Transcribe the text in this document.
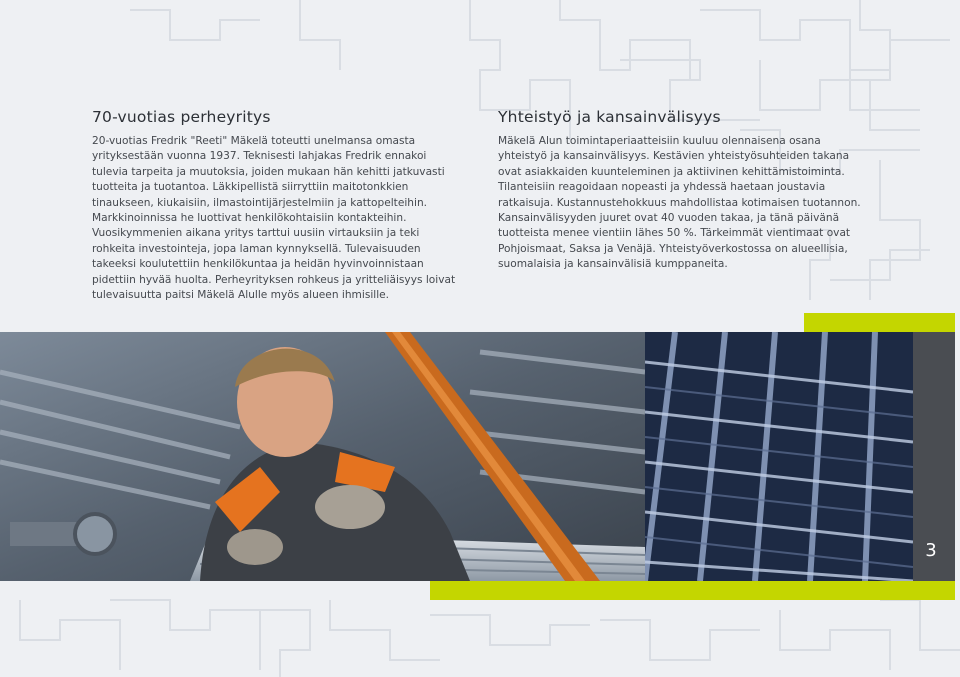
70-vuotias perheyritys

20-vuotias Fredrik "Reeti" Mäkelä toteutti unelmansa omasta yrityksestään vuonna 1937. Teknisesti lahjakas Fredrik ennakoi tulevia tarpeita ja muutoksia, joiden mukaan hän kehitti jatkuvasti tuotteita ja tuotantoa. Läkkipellistä siirryttiin maitotonkkien tinaukseen, kiukaisiin, ilmastointijärjestelmiin ja kattopelteihin. Markkinoinnissa he luottivat henkilökohtaisiin kontakteihin. Vuosikymmenien aikana yritys tarttui uusiin virtauksiin ja teki rohkeita investointeja, jopa laman kynnyksellä. Tulevaisuuden takeeksi koulutettiin henkilökuntaa ja heidän hyvinvoinnistaan pidettiin hyvää huolta. Perheyrityksen rohkeus ja yritteliäisyys loivat tulevaisuutta paitsi Mäkelä Alulle myös alueen ihmisille.

Yhteistyö ja kansainvälisyys

Mäkelä Alun toimintaperiaatteisiin kuuluu olennaisena osana yhteistyö ja kansainvälisyys. Kestävien yhteistyösuhteiden takana ovat asiakkaiden kuunteleminen ja aktiivinen kehittämistoiminta. Tilanteisiin reagoidaan nopeasti ja yhdessä haetaan joustavia ratkaisuja. Kustannustehokkuus mahdollistaa kotimaisen tuotannon. Kansainvälisyyden juuret ovat 40 vuoden takaa, ja tänä päivänä tuotteista menee vientiin lähes 50 %. Tärkeimmät vientimaat ovat Pohjoismaat, Saksa ja Venäjä. Yhteistyöverkostossa on alueellisia, suomalaisia ja kansainvälisiä kumppaneita.

3
